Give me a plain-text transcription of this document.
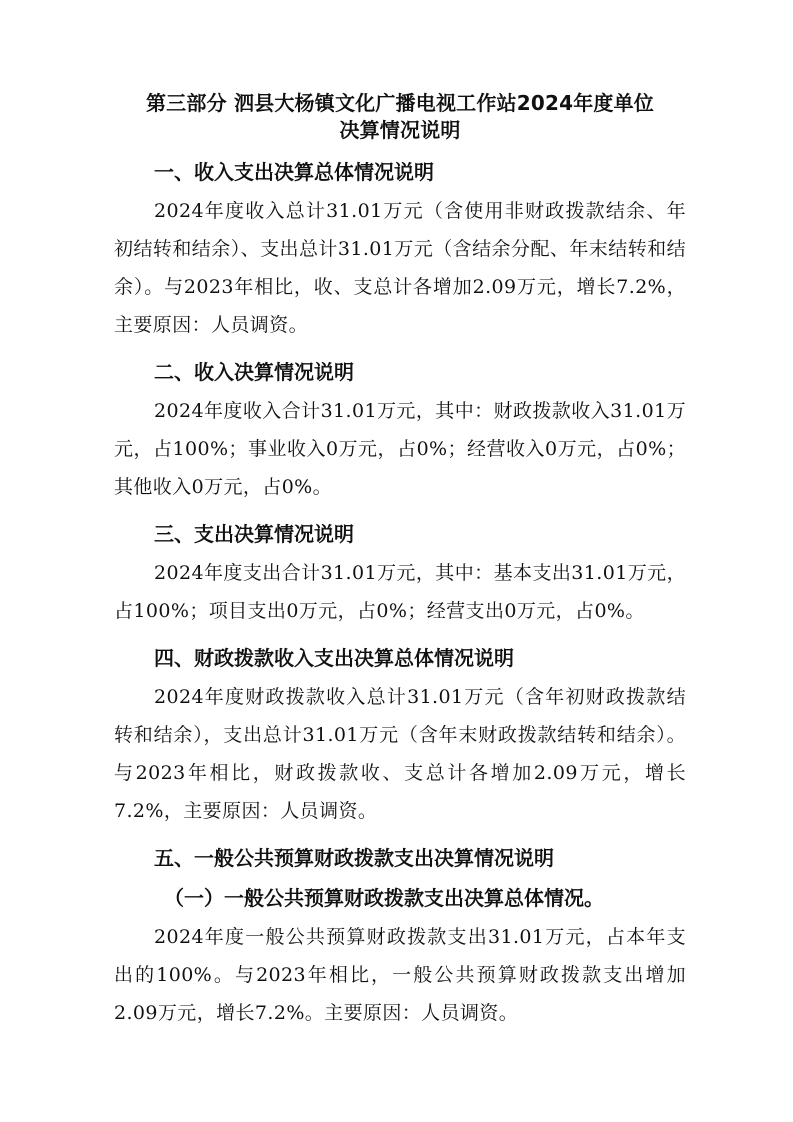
第三部分 泗县大杨镇文化广播电视工作站2024年度单位
决算情况说明
一、收入支出决算总体情况说明

2024年度收入总计31.01万元（含使用非财政拨款结余、年初结转和结余）、支出总计31.01万元（含结余分配、年末结转和结余）。与2023年相比，收、支总计各增加2.09万元，增长7.2%，主要原因：人员调资。

二、收入决算情况说明

2024年度收入合计31.01万元，其中：财政拨款收入31.01万元，占100%；事业收入0万元，占0%；经营收入0万元，占0%；其他收入0万元，占0%。

三、支出决算情况说明

2024年度支出合计31.01万元，其中：基本支出31.01万元，占100%；项目支出0万元，占0%；经营支出0万元，占0%。

四、财政拨款收入支出决算总体情况说明

2024年度财政拨款收入总计31.01万元（含年初财政拨款结转和结余），支出总计31.01万元（含年末财政拨款结转和结余）。与2023年相比，财政拨款收、支总计各增加2.09万元，增长7.2%，主要原因：人员调资。

五、一般公共预算财政拨款支出决算情况说明
（一）一般公共预算财政拨款支出决算总体情况。

2024年度一般公共预算财政拨款支出31.01万元，占本年支出的100%。与2023年相比，一般公共预算财政拨款支出增加2.09万元，增长7.2%。主要原因：人员调资。
